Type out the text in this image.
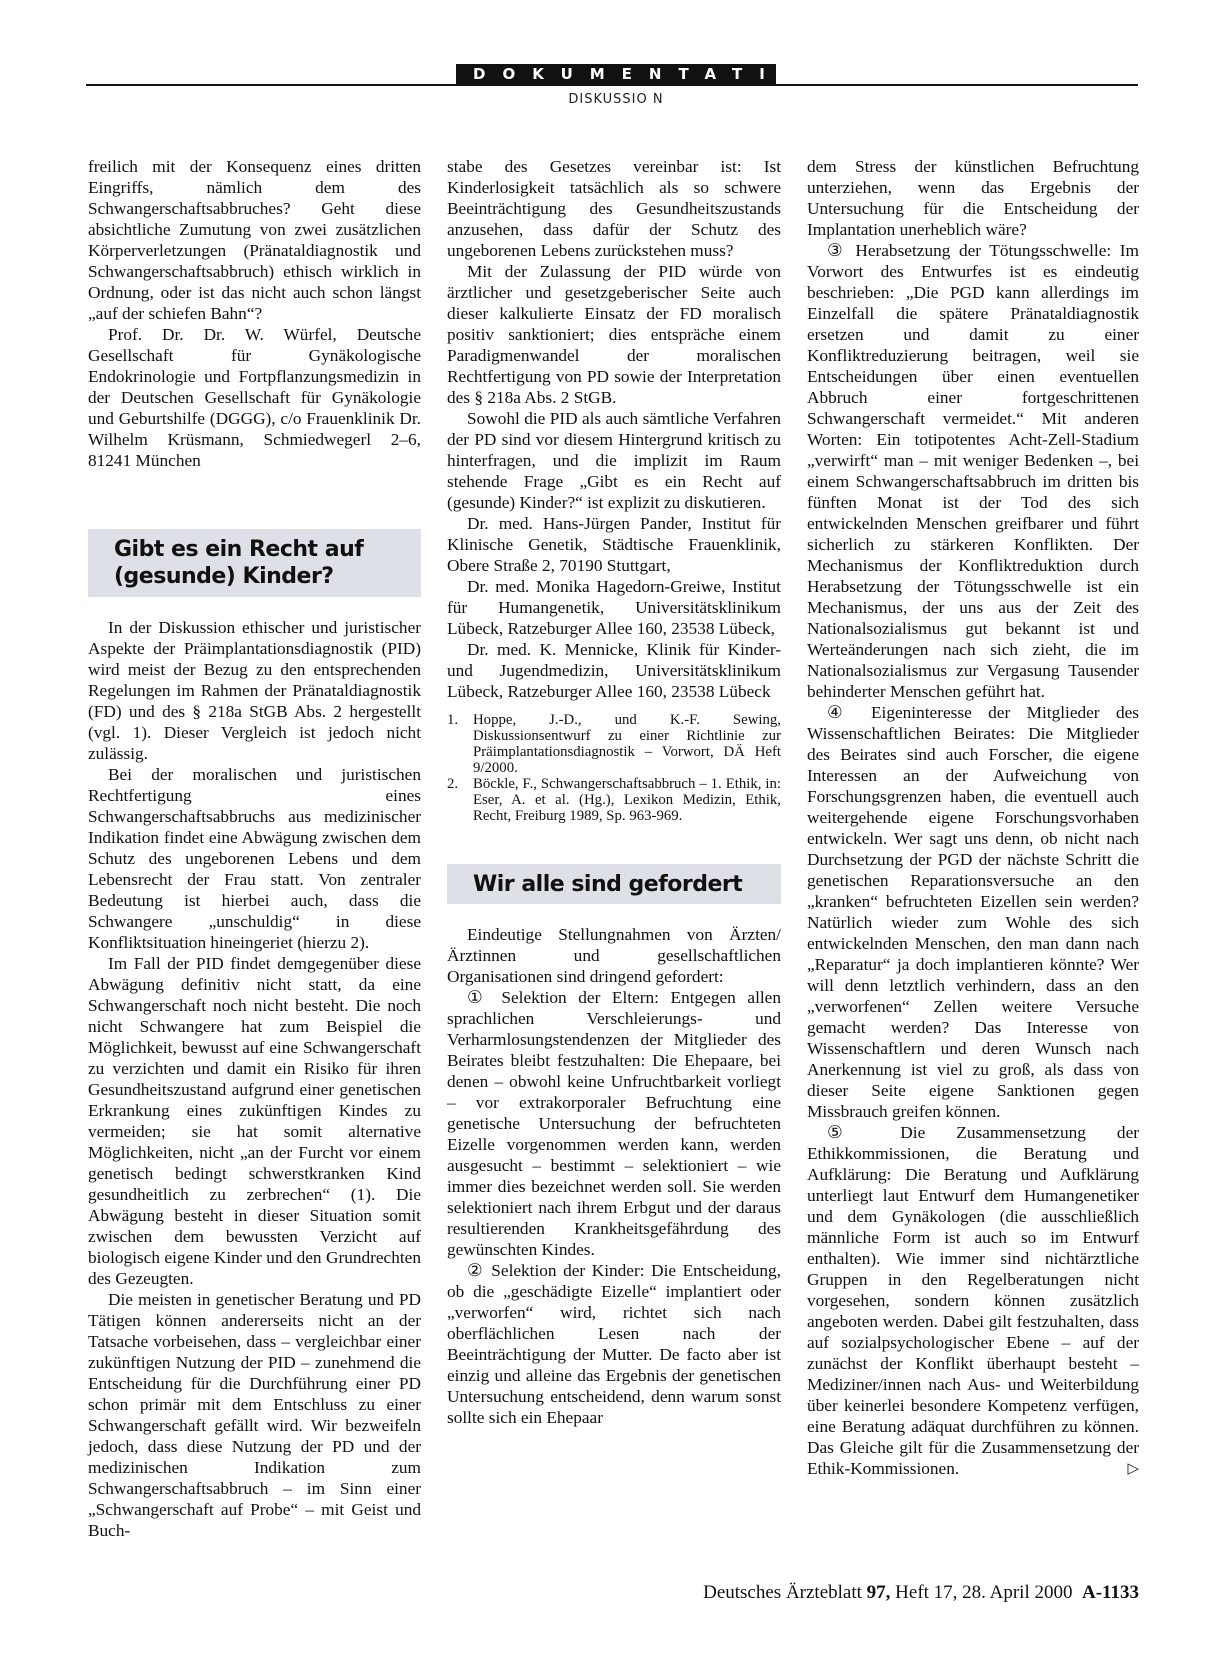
DOKUMENTATION
DISKUSSIO N

freilich mit der Konsequenz eines dritten Eingriffs, nämlich dem des Schwangerschaftsabbruches? Geht diese absichtliche Zumutung von zwei zusätzlichen Körperverletzungen (Pränataldiagnostik und Schwangerschaftsabbruch) ethisch wirklich in Ordnung, oder ist das nicht auch schon längst „auf der schiefen Bahn“?

Prof. Dr. Dr. W. Würfel, Deutsche Gesellschaft für Gynäkologische Endokrinologie und Fortpflanzungsmedizin in der Deutschen Gesellschaft für Gynäkologie und Geburtshilfe (DGGG), c/o Frauenklinik Dr. Wilhelm Krüsmann, Schmiedwegerl 2–6, 81241 München

Gibt es ein Recht auf (gesunde) Kinder?

In der Diskussion ethischer und juristischer Aspekte der Präimplantationsdiagnostik (PID) wird meist der Bezug zu den entsprechenden Regelungen im Rahmen der Pränataldiagnostik (FD) und des § 218a StGB Abs. 2 hergestellt (vgl. 1). Dieser Vergleich ist jedoch nicht zulässig.

Bei der moralischen und juristischen Rechtfertigung eines Schwangerschaftsabbruchs aus medizinischer Indikation findet eine Abwägung zwischen dem Schutz des ungeborenen Lebens und dem Lebensrecht der Frau statt. Von zentraler Bedeutung ist hierbei auch, dass die Schwangere „unschuldig“ in diese Konfliktsituation hineingeriet (hierzu 2).

Im Fall der PID findet demgegenüber diese Abwägung definitiv nicht statt, da eine Schwangerschaft noch nicht besteht. Die noch nicht Schwangere hat zum Beispiel die Möglichkeit, bewusst auf eine Schwangerschaft zu verzichten und damit ein Risiko für ihren Gesundheitszustand aufgrund einer genetischen Erkrankung eines zukünftigen Kindes zu vermeiden; sie hat somit alternative Möglichkeiten, nicht „an der Furcht vor einem genetisch bedingt schwerstkranken Kind gesundheitlich zu zerbrechen“ (1). Die Abwägung besteht in dieser Situation somit zwischen dem bewussten Verzicht auf biologisch eigene Kinder und den Grundrechten des Gezeugten.

Die meisten in genetischer Beratung und PD Tätigen können andererseits nicht an der Tatsache vorbeisehen, dass – vergleichbar einer zukünftigen Nutzung der PID – zunehmend die Entscheidung für die Durchführung einer PD schon primär mit dem Entschluss zu einer Schwangerschaft gefällt wird. Wir bezweifeln jedoch, dass diese Nutzung der PD und der medizinischen Indikation zum Schwangerschaftsabbruch – im Sinn einer „Schwangerschaft auf Probe“ – mit Geist und Buch-

stabe des Gesetzes vereinbar ist: Ist Kinderlosigkeit tatsächlich als so schwere Beeinträchtigung des Gesundheitszustands anzusehen, dass dafür der Schutz des ungeborenen Lebens zurückstehen muss?

Mit der Zulassung der PID würde von ärztlicher und gesetzgeberischer Seite auch dieser kalkulierte Einsatz der FD moralisch positiv sanktioniert; dies entspräche einem Paradigmenwandel der moralischen Rechtfertigung von PD sowie der Interpretation des § 218a Abs. 2 StGB.

Sowohl die PID als auch sämtliche Verfahren der PD sind vor diesem Hintergrund kritisch zu hinterfragen, und die implizit im Raum stehende Frage „Gibt es ein Recht auf (gesunde) Kinder?“ ist explizit zu diskutieren.

Dr. med. Hans-Jürgen Pander, Institut für Klinische Genetik, Städtische Frauenklinik, Obere Straße 2, 70190 Stuttgart,

Dr. med. Monika Hagedorn-Greiwe, Institut für Humangenetik, Universitätsklinikum Lübeck, Ratzeburger Allee 160, 23538 Lübeck,

Dr. med. K. Mennicke, Klinik für Kinder- und Jugendmedizin, Universitätsklinikum Lübeck, Ratzeburger Allee 160, 23538 Lübeck

1.	Hoppe, J.-D., und K.-F. Sewing, Diskussionsentwurf zu einer Richtlinie zur Präimplantationsdiagnostik – Vorwort, DÄ Heft 9/2000.
2.	Böckle, F., Schwangerschaftsabbruch – 1. Ethik, in: Eser, A. et al. (Hg.), Lexikon Medizin, Ethik, Recht, Freiburg 1989, Sp. 963-969.
Wir alle sind gefordert

Eindeutige Stellungnahmen von Ärzten/Ärztinnen und gesellschaftlichen Organisationen sind dringend gefordert:

① Selektion der Eltern: Entgegen allen sprachlichen Verschleierungs- und Verharmlosungstendenzen der Mitglieder des Beirates bleibt festzuhalten: Die Ehepaare, bei denen – obwohl keine Unfruchtbarkeit vorliegt – vor extrakorporaler Befruchtung eine genetische Untersuchung der befruchteten Eizelle vorgenommen werden kann, werden ausgesucht – bestimmt – selektioniert – wie immer dies bezeichnet werden soll. Sie werden selektioniert nach ihrem Erbgut und der daraus resultierenden Krankheitsgefährdung des gewünschten Kindes.

② Selektion der Kinder: Die Entscheidung, ob die „geschädigte Eizelle“ implantiert oder „verworfen“ wird, richtet sich nach oberflächlichen Lesen nach der Beeinträchtigung der Mutter. De facto aber ist einzig und alleine das Ergebnis der genetischen Untersuchung entscheidend, denn warum sonst sollte sich ein Ehepaar

dem Stress der künstlichen Befruchtung unterziehen, wenn das Ergebnis der Untersuchung für die Entscheidung der Implantation unerheblich wäre?

③ Herabsetzung der Tötungsschwelle: Im Vorwort des Entwurfes ist es eindeutig beschrieben: „Die PGD kann allerdings im Einzelfall die spätere Pränataldiagnostik ersetzen und damit zu einer Konfliktreduzierung beitragen, weil sie Entscheidungen über einen eventuellen Abbruch einer fortgeschrittenen Schwangerschaft vermeidet.“ Mit anderen Worten: Ein totipotentes Acht-Zell-Stadium „verwirft“ man – mit weniger Bedenken –, bei einem Schwangerschaftsabbruch im dritten bis fünften Monat ist der Tod des sich entwickelnden Menschen greifbarer und führt sicherlich zu stärkeren Konflikten. Der Mechanismus der Konfliktreduktion durch Herabsetzung der Tötungsschwelle ist ein Mechanismus, der uns aus der Zeit des Nationalsozialismus gut bekannt ist und Werteänderungen nach sich zieht, die im Nationalsozialismus zur Vergasung Tausender behinderter Menschen geführt hat.

④ Eigeninteresse der Mitglieder des Wissenschaftlichen Beirates: Die Mitglieder des Beirates sind auch Forscher, die eigene Interessen an der Aufweichung von Forschungsgrenzen haben, die eventuell auch weitergehende eigene Forschungsvorhaben entwickeln. Wer sagt uns denn, ob nicht nach Durchsetzung der PGD der nächste Schritt die genetischen Reparationsversuche an den „kranken“ befruchteten Eizellen sein werden? Natürlich wieder zum Wohle des sich entwickelnden Menschen, den man dann nach „Reparatur“ ja doch implantieren könnte? Wer will denn letztlich verhindern, dass an den „verworfenen“ Zellen weitere Versuche gemacht werden? Das Interesse von Wissenschaftlern und deren Wunsch nach Anerkennung ist viel zu groß, als dass von dieser Seite eigene Sanktionen gegen Missbrauch greifen können.

⑤ Die Zusammensetzung der Ethikkommissionen, die Beratung und Aufklärung: Die Beratung und Aufklärung unterliegt laut Entwurf dem Humangenetiker und dem Gynäkologen (die ausschließlich männliche Form ist auch so im Entwurf enthalten). Wie immer sind nichtärztliche Gruppen in den Regelberatungen nicht vorgesehen, sondern können zusätzlich angeboten werden. Dabei gilt festzuhalten, dass auf sozialpsychologischer Ebene – auf der zunächst der Konflikt überhaupt besteht – Mediziner/innen nach Aus- und Weiterbildung über keinerlei besondere Kompetenz verfügen, eine Beratung adäquat durchführen zu können. Das Gleiche gilt für die Zusammensetzung der Ethik-Kommissionen.	▷

Deutsches Ärzteblatt 97, Heft 17, 28. April 2000 A-1133
